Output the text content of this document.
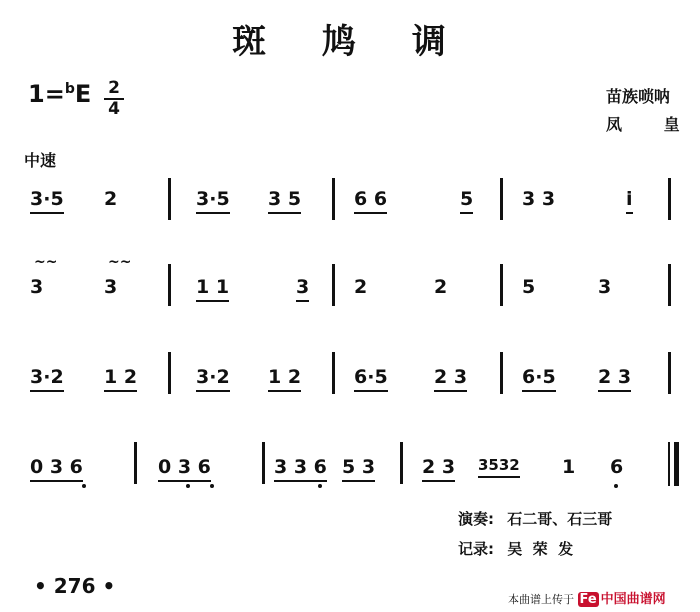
斑 鸠 调
1=$^b$E 2
4
苗族唢呐
凤 皇
中速
3·5 2	3·5 3 5	6 6	5	3 3	i
~~	~~
3	3	1 1	3 2	2	5	3
3·2 1 2	3·2 1 2	6·5 2 3	6·5 2 3
0 3 6	0 3 6	3 3 6 5 3 2 3 3532 1 6
演奏: 石二哥、石三哥
记录: 吴  荣  发
• 276 •
本曲谱上传于 Fe 中国曲谱网
